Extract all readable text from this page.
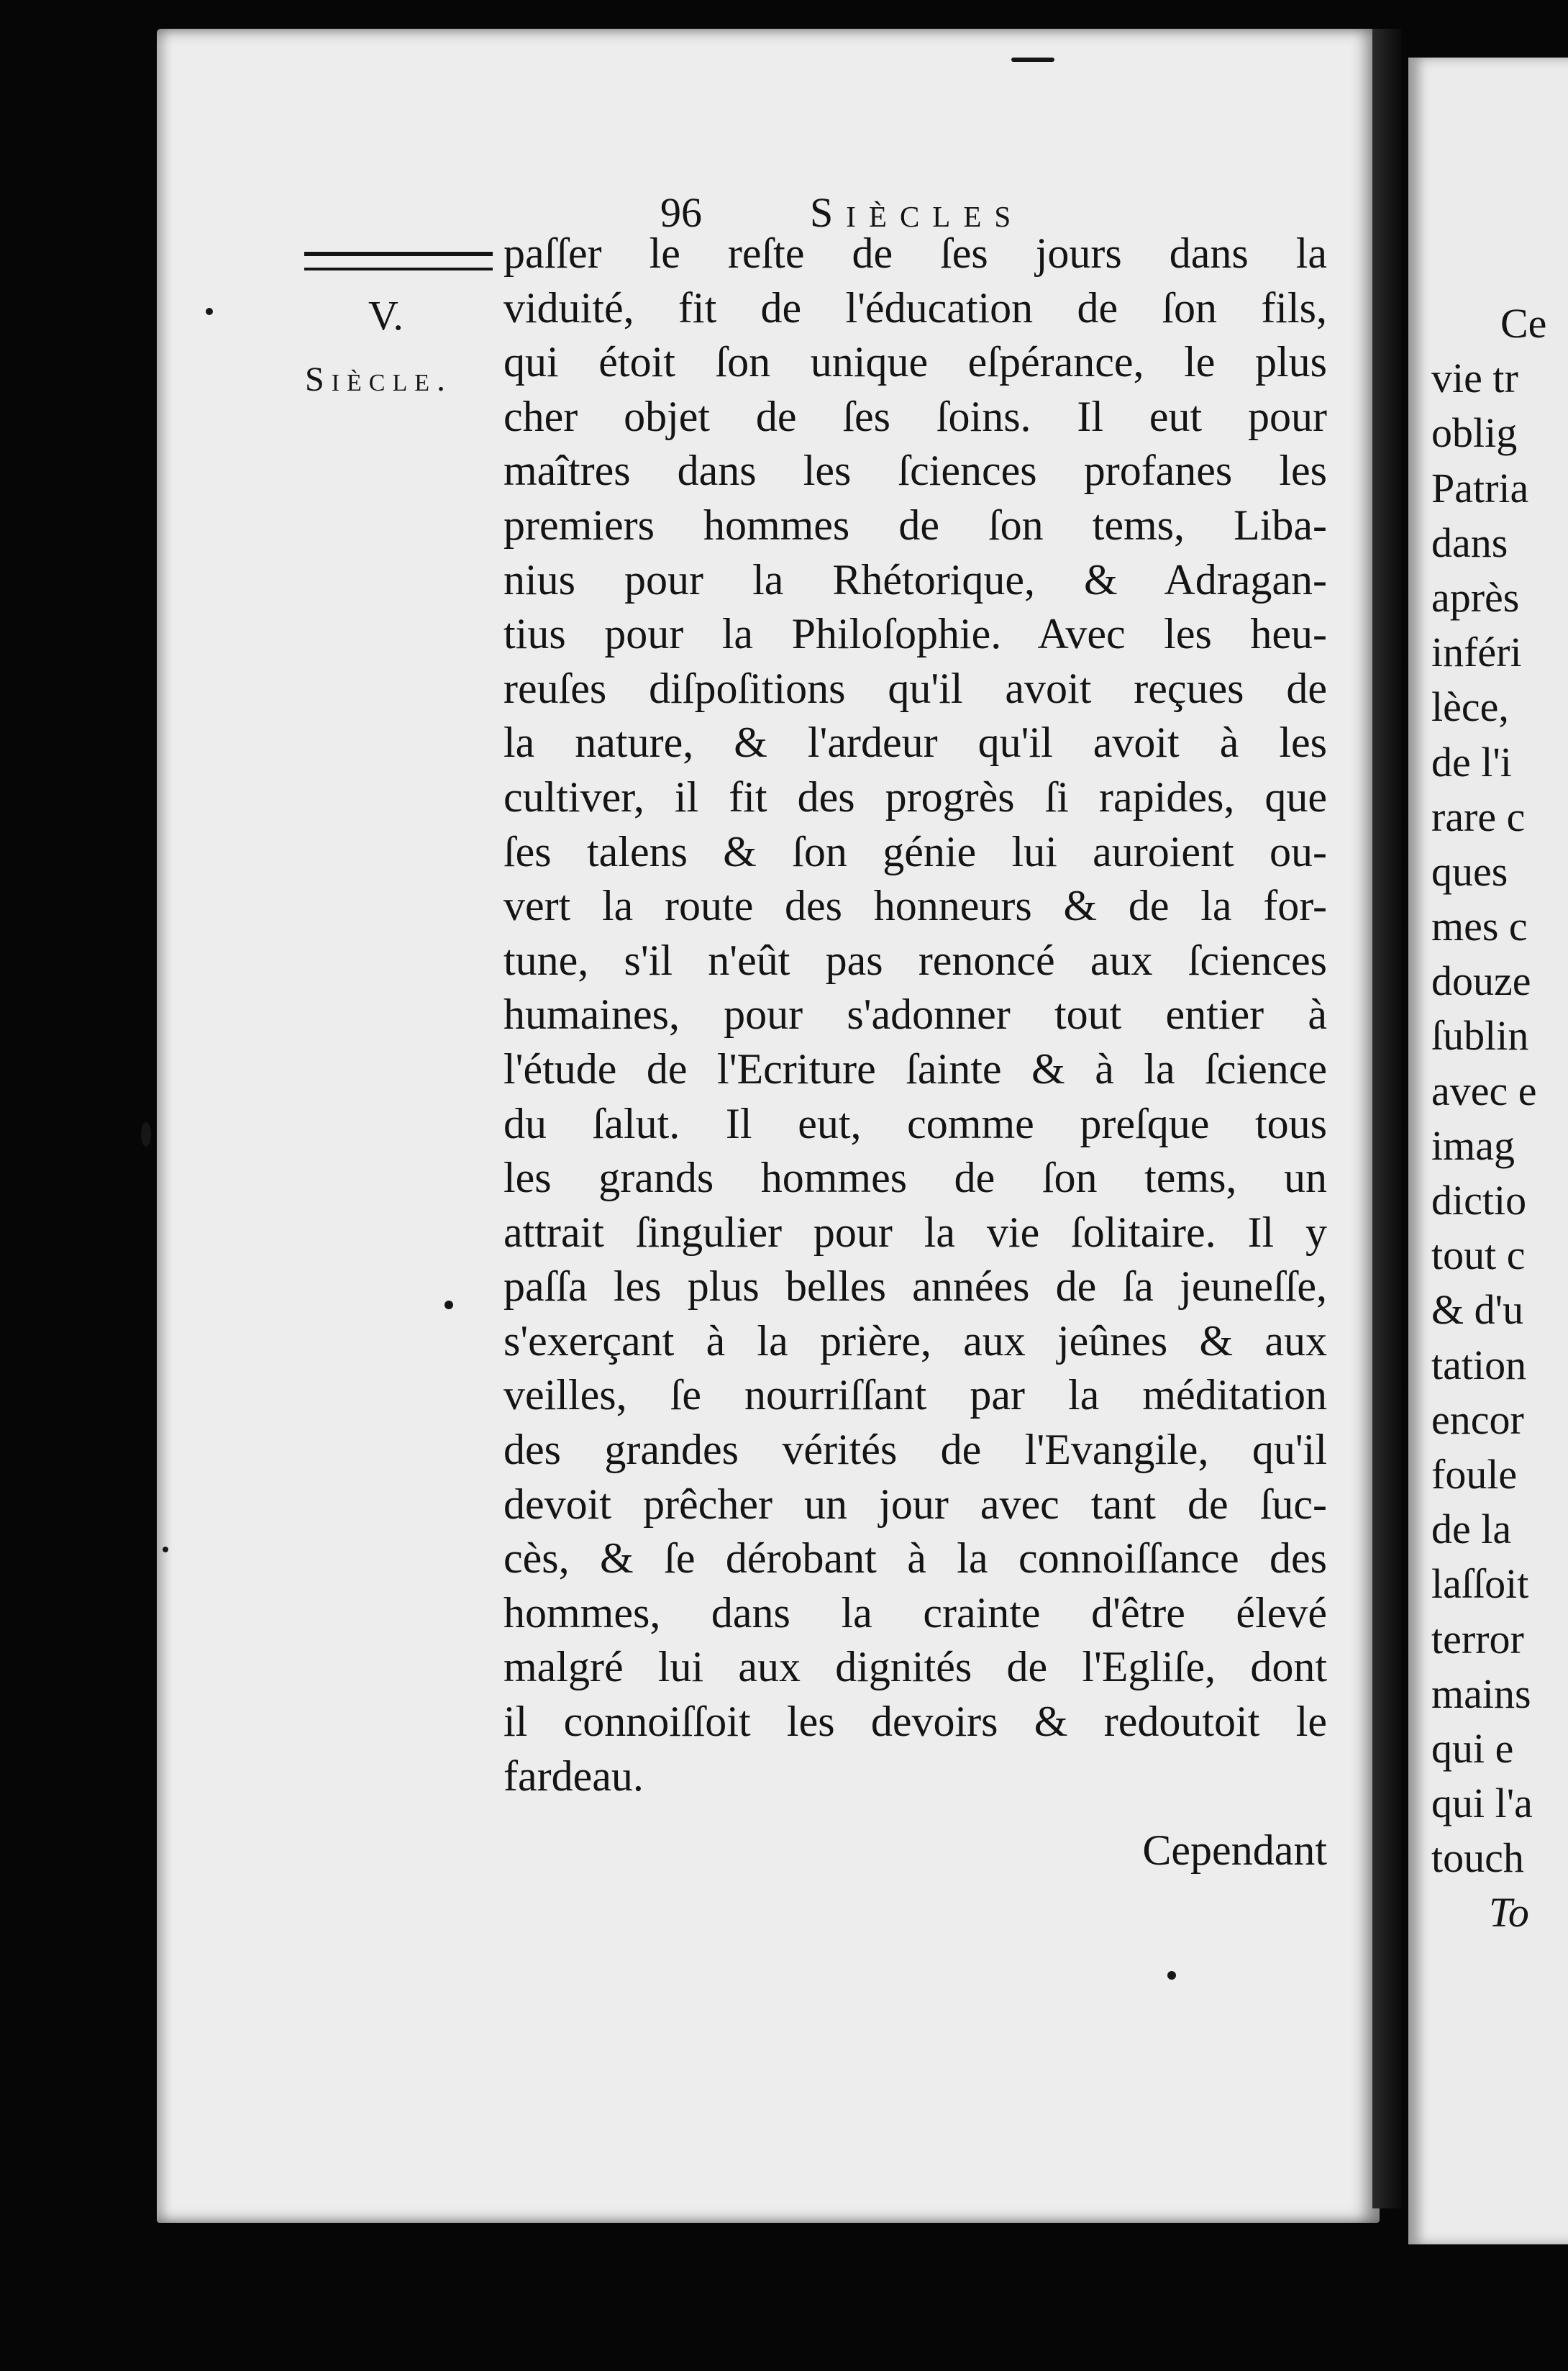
96	Siècles
V.
Siècle.
paſſer le reſte de ſes jours dans la
viduité, fit de l'éducation de ſon fils,
qui étoit ſon unique eſpérance, le plus
cher objet de ſes ſoins. Il eut pour
maîtres dans les ſciences profanes les
premiers hommes de ſon tems, Liba-
nius pour la Rhétorique, & Adragan-
tius pour la Philoſophie. Avec les heu-
reuſes diſpoſitions qu'il avoit reçues de
la nature, & l'ardeur qu'il avoit à les
cultiver, il fit des progrès ſi rapides, que
ſes talens & ſon génie lui auroient ou-
vert la route des honneurs & de la for-
tune, s'il n'eût pas renoncé aux ſciences
humaines, pour s'adonner tout entier à
l'étude de l'Ecriture ſainte & à la ſcience
du ſalut. Il eut, comme preſque tous
les grands hommes de ſon tems, un
attrait ſingulier pour la vie ſolitaire. Il y
paſſa les plus belles années de ſa jeuneſſe,
s'exerçant à la prière, aux jeûnes & aux
veilles, ſe nourriſſant par la méditation
des grandes vérités de l'Evangile, qu'il
devoit prêcher un jour avec tant de ſuc-
cès, & ſe dérobant à la connoiſſance des
hommes, dans la crainte d'être élevé
malgré lui aux dignités de l'Egliſe, dont
il connoiſſoit les devoirs & redoutoit le
fardeau.
Cependant
Ce
vie tr
oblig
Patria
dans
après
inféri
lèce,
de l'i
rare c
ques
mes c
douze
ſublin
avec e
imag
dictio
tout c
& d'u
tation
encor
foule
de la
laſſoit
terror
mains
qui e
qui l'a
touch
To
